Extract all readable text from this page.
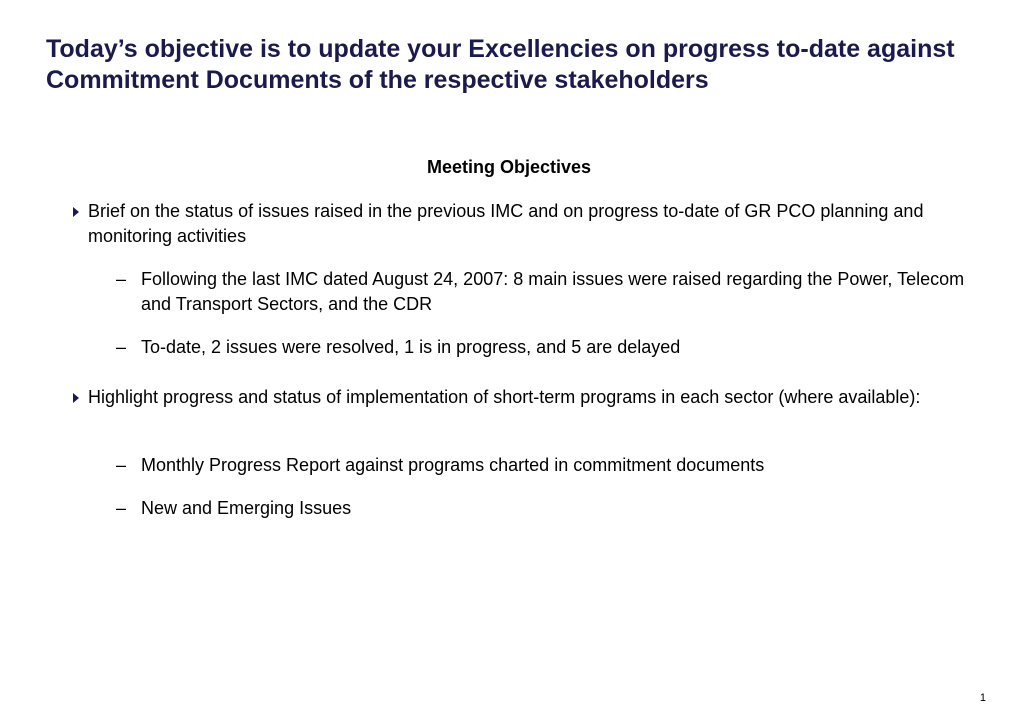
Today’s objective is to update your Excellencies on progress to-date against Commitment Documents of the respective stakeholders
Meeting Objectives
Brief on the status of issues raised in the previous IMC and on progress to-date of GR PCO planning and monitoring activities
– Following the last IMC dated August 24, 2007: 8 main issues were raised regarding the Power, Telecom and Transport Sectors, and the CDR
– To-date, 2 issues were resolved, 1 is in progress, and 5 are delayed
Highlight progress and status of implementation of short-term programs in each sector (where available):
– Monthly Progress Report against programs charted in commitment documents
– New and Emerging Issues
1
